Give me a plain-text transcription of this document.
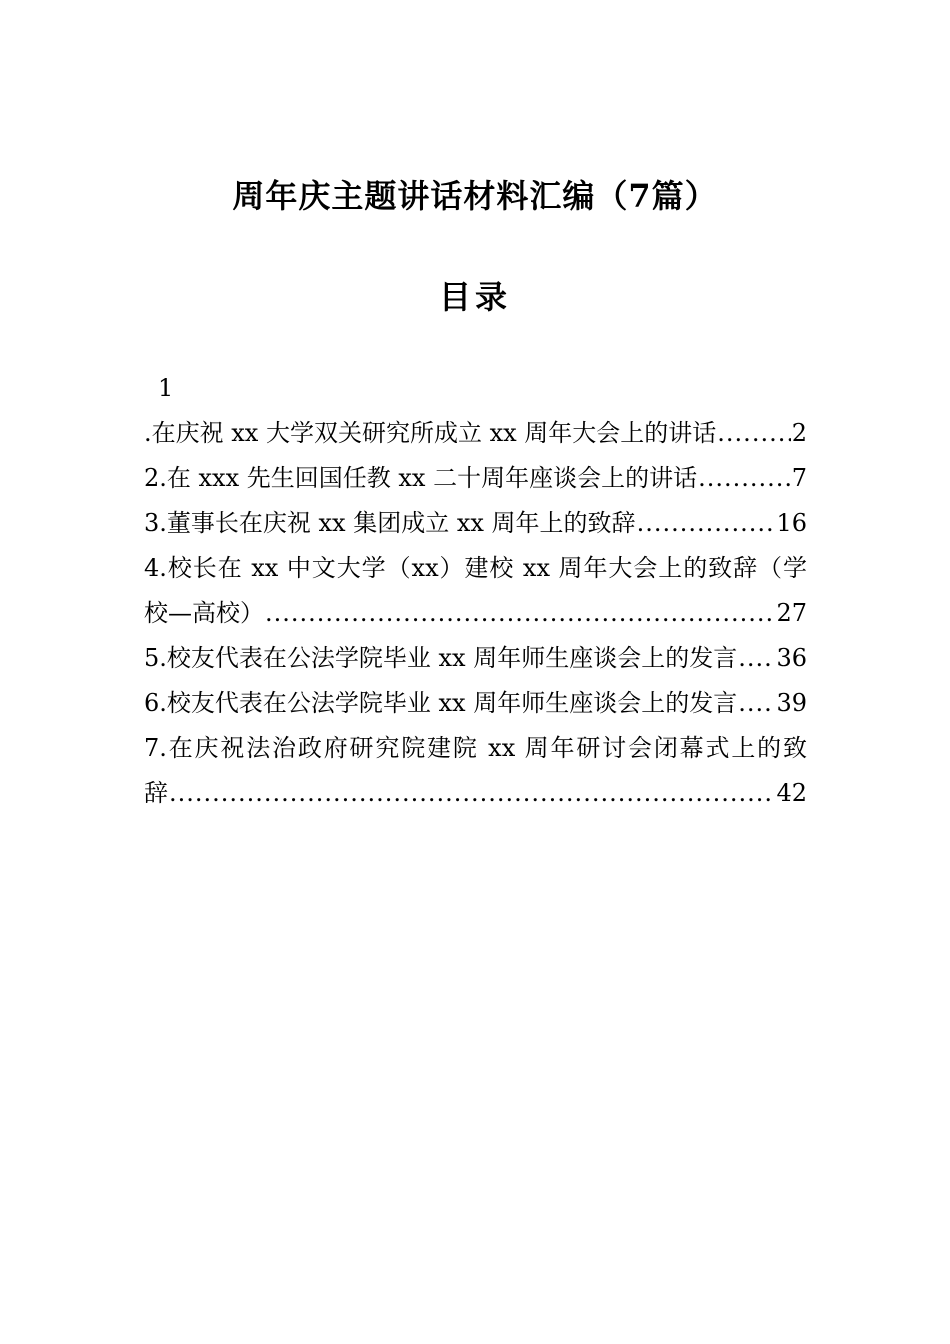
周年庆主题讲话材料汇编（7篇）
目录
1
.在庆祝 xx 大学双关研究所成立 xx 周年大会上的讲话 .....	2
2.在 xxx 先生回国任教 xx 二十周年座谈会上的讲话 .....	7
3.董事长在庆祝 xx 集团成立 xx 周年上的致辞 .....	16
4.校长在 xx 中文大学（xx）建校 xx 周年大会上的致辞（学
校—高校） .....	27
5.校友代表在公法学院毕业 xx 周年师生座谈会上的发言 ..... 36
6.校友代表在公法学院毕业 xx 周年师生座谈会上的发言 ..... 39
7.在庆祝法治政府研究院建院 xx 周年研讨会闭幕式上的致
辞 .....	42
